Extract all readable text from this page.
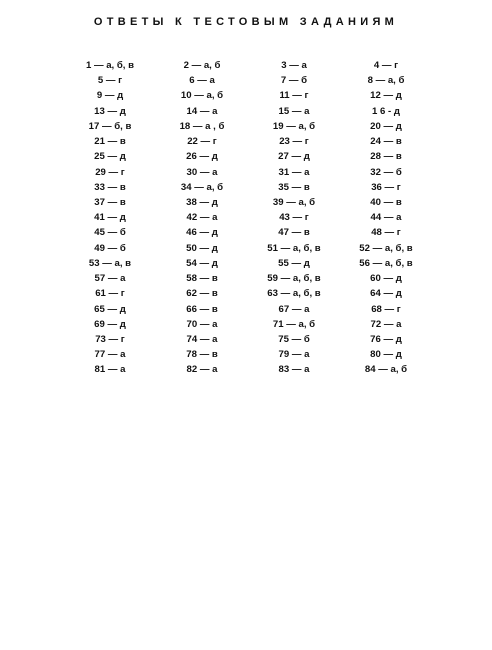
ОТВЕТЫ К ТЕСТОВЫМ ЗАДАНИЯМ
1 — а, б, в	2 — а, б	3 — а	4 — г
5 — г	6 — а	7 — б	8 — а, б
9 — д	10 — а, б	11 — г	12 — д
13 — д	14 — а	15 — а	1 6 - д
17 — б, в	18 — а , б	19 — а, б	20 — д
21 — в	22 — г	23 — г	24 — в
25 — д	26 — д	27 — д	28 — в
29 — г	30 — а	31 — а	32 — б
33 — в	34 — а, б	35 — в	36 — г
37 — в	38 — д	39 — а, б	40 — в
41 — д	42 — а	43 — г	44 — а
45 — б	46 — д	47 — в	48 — г
49 — б	50 — д	51 — а, б, в	52 — а, б, в
53 — а, в	54 — д	55 — д	56 — а, б, в
57 — а	58 — в	59 — а, б, в	60 — д
61 — г	62 — в	63 — а, б, в	64 — д
65 — д	66 — в	67 — а	68 — г
69 — д	70 — а	71 — а, б	72 — а
73 — г	74 — а	75 — б	76 — д
77 — а	78 — в	79 — а	80 — д
81 — а	82 — а	83 — а	84 — а, б
